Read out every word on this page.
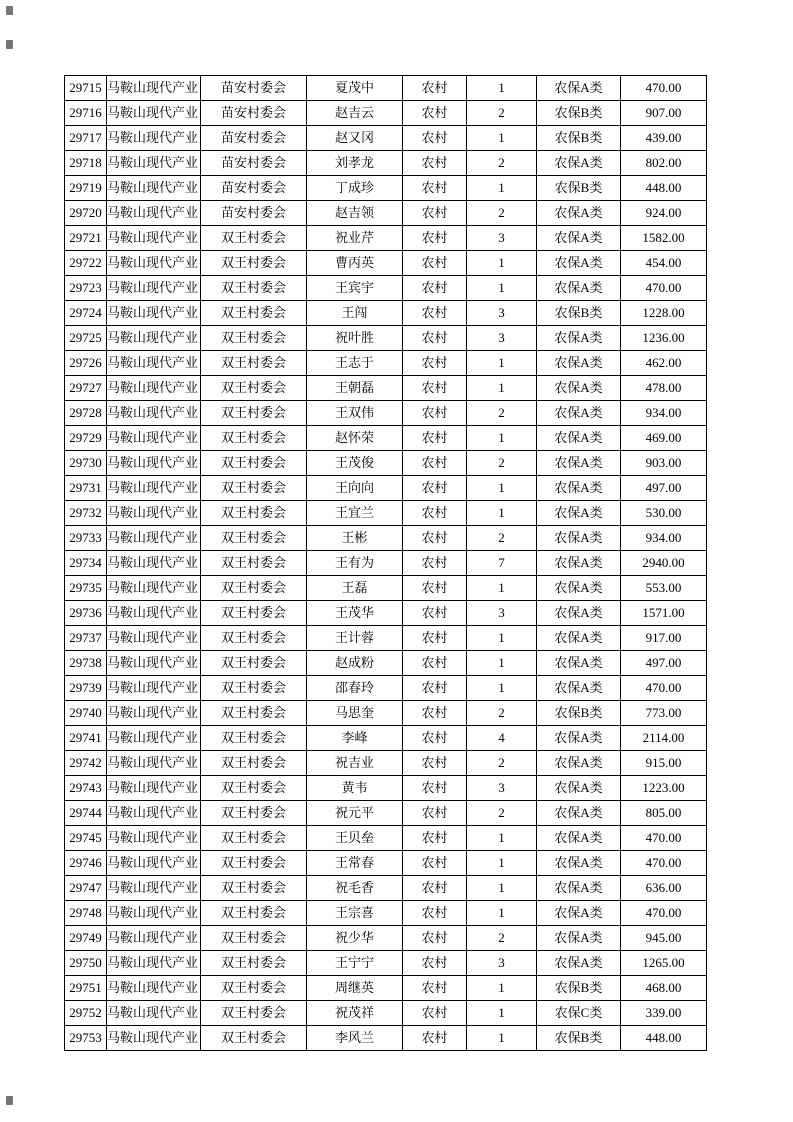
29715	马鞍山现代产业	苗安村委会	夏茂中	农村	1	农保A类	470.00
29716	马鞍山现代产业	苗安村委会	赵吉云	农村	2	农保B类	907.00
29717	马鞍山现代产业	苗安村委会	赵又冈	农村	1	农保B类	439.00
29718	马鞍山现代产业	苗安村委会	刘孝龙	农村	2	农保A类	802.00
29719	马鞍山现代产业	苗安村委会	丁成珍	农村	1	农保B类	448.00
29720	马鞍山现代产业	苗安村委会	赵吉领	农村	2	农保A类	924.00
29721	马鞍山现代产业	双王村委会	祝业芹	农村	3	农保A类	1582.00
29722	马鞍山现代产业	双王村委会	曹丙英	农村	1	农保A类	454.00
29723	马鞍山现代产业	双王村委会	王宾宇	农村	1	农保A类	470.00
29724	马鞍山现代产业	双王村委会	王闯	农村	3	农保B类	1228.00
29725	马鞍山现代产业	双王村委会	祝叶胜	农村	3	农保A类	1236.00
29726	马鞍山现代产业	双王村委会	王志于	农村	1	农保A类	462.00
29727	马鞍山现代产业	双王村委会	王朝磊	农村	1	农保A类	478.00
29728	马鞍山现代产业	双王村委会	王双伟	农村	2	农保A类	934.00
29729	马鞍山现代产业	双王村委会	赵怀荣	农村	1	农保A类	469.00
29730	马鞍山现代产业	双王村委会	王茂俊	农村	2	农保A类	903.00
29731	马鞍山现代产业	双王村委会	王向向	农村	1	农保A类	497.00
29732	马鞍山现代产业	双王村委会	王宜兰	农村	1	农保A类	530.00
29733	马鞍山现代产业	双王村委会	王彬	农村	2	农保A类	934.00
29734	马鞍山现代产业	双王村委会	王有为	农村	7	农保A类	2940.00
29735	马鞍山现代产业	双王村委会	王磊	农村	1	农保A类	553.00
29736	马鞍山现代产业	双王村委会	王茂华	农村	3	农保A类	1571.00
29737	马鞍山现代产业	双王村委会	王计蓉	农村	1	农保A类	917.00
29738	马鞍山现代产业	双王村委会	赵成粉	农村	1	农保A类	497.00
29739	马鞍山现代产业	双王村委会	邵春玲	农村	1	农保A类	470.00
29740	马鞍山现代产业	双王村委会	马思奎	农村	2	农保B类	773.00
29741	马鞍山现代产业	双王村委会	李峰	农村	4	农保A类	2114.00
29742	马鞍山现代产业	双王村委会	祝吉业	农村	2	农保A类	915.00
29743	马鞍山现代产业	双王村委会	黄韦	农村	3	农保A类	1223.00
29744	马鞍山现代产业	双王村委会	祝元平	农村	2	农保A类	805.00
29745	马鞍山现代产业	双王村委会	王贝垒	农村	1	农保A类	470.00
29746	马鞍山现代产业	双王村委会	王常春	农村	1	农保A类	470.00
29747	马鞍山现代产业	双王村委会	祝毛香	农村	1	农保A类	636.00
29748	马鞍山现代产业	双王村委会	王宗喜	农村	1	农保A类	470.00
29749	马鞍山现代产业	双王村委会	祝少华	农村	2	农保A类	945.00
29750	马鞍山现代产业	双王村委会	王宁宁	农村	3	农保A类	1265.00
29751	马鞍山现代产业	双王村委会	周继英	农村	1	农保B类	468.00
29752	马鞍山现代产业	双王村委会	祝茂祥	农村	1	农保C类	339.00
29753	马鞍山现代产业	双王村委会	李风兰	农村	1	农保B类	448.00
